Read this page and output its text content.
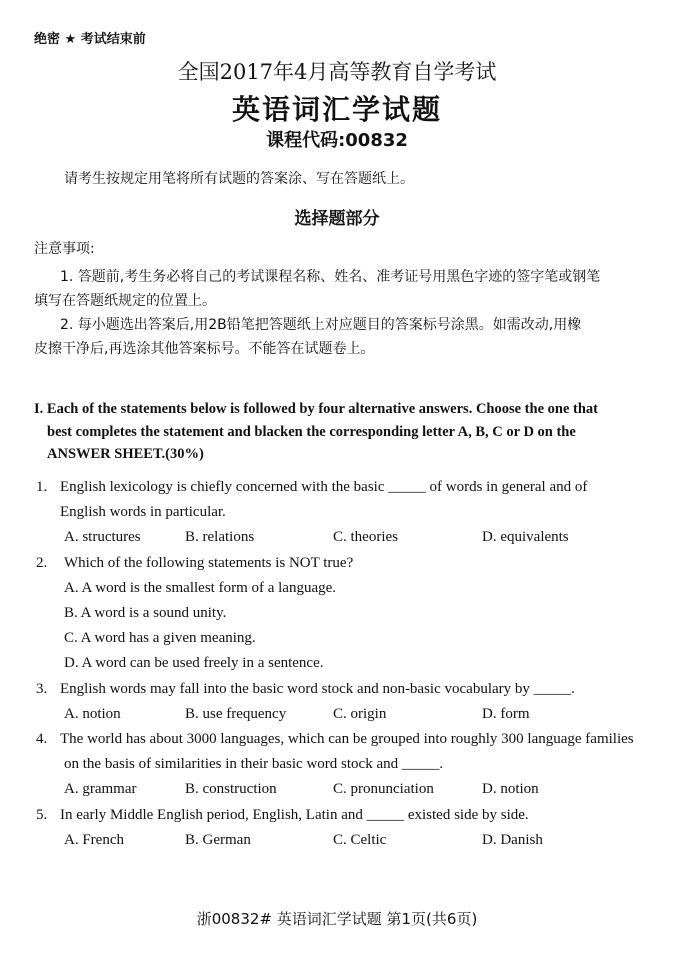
绝密 ★ 考试结束前
全国2017年4月高等教育自学考试
英语词汇学试题
课程代码:00832
请考生按规定用笔将所有试题的答案涂、写在答题纸上。
选择题部分
注意事项:
1. 答题前,考生务必将自己的考试课程名称、姓名、准考证号用黑色字迹的签字笔或钢笔
填写在答题纸规定的位置上。
2. 每小题选出答案后,用2B铅笔把答题纸上对应题目的答案标号涂黑。如需改动,用橡
皮擦干净后,再选涂其他答案标号。不能答在试题卷上。
I. Each of the statements below is followed by four alternative answers. Choose the one that
best completes the statement and blacken the corresponding letter A, B, C or D on the
ANSWER SHEET.(30%)
1. English lexicology is chiefly concerned with the basic _____ of words in general and of
English words in particular.
A. structures	B. relations	C. theories	D. equivalents
2. Which of the following statements is NOT true?
A. A word is the smallest form of a language.
B. A word is a sound unity.
C. A word has a given meaning.
D. A word can be used freely in a sentence.
3. English words may fall into the basic word stock and non-basic vocabulary by _____.
A. notion	B. use frequency	C. origin	D. form
4. The world has about 3000 languages, which can be grouped into roughly 300 language families
on the basis of similarities in their basic word stock and _____.
A. grammar	B. construction	C. pronunciation	D. notion
5. In early Middle English period, English, Latin and _____ existed side by side.
A. French	B. German	C. Celtic	D. Danish
浙00832# 英语词汇学试题 第1页(共6页)
